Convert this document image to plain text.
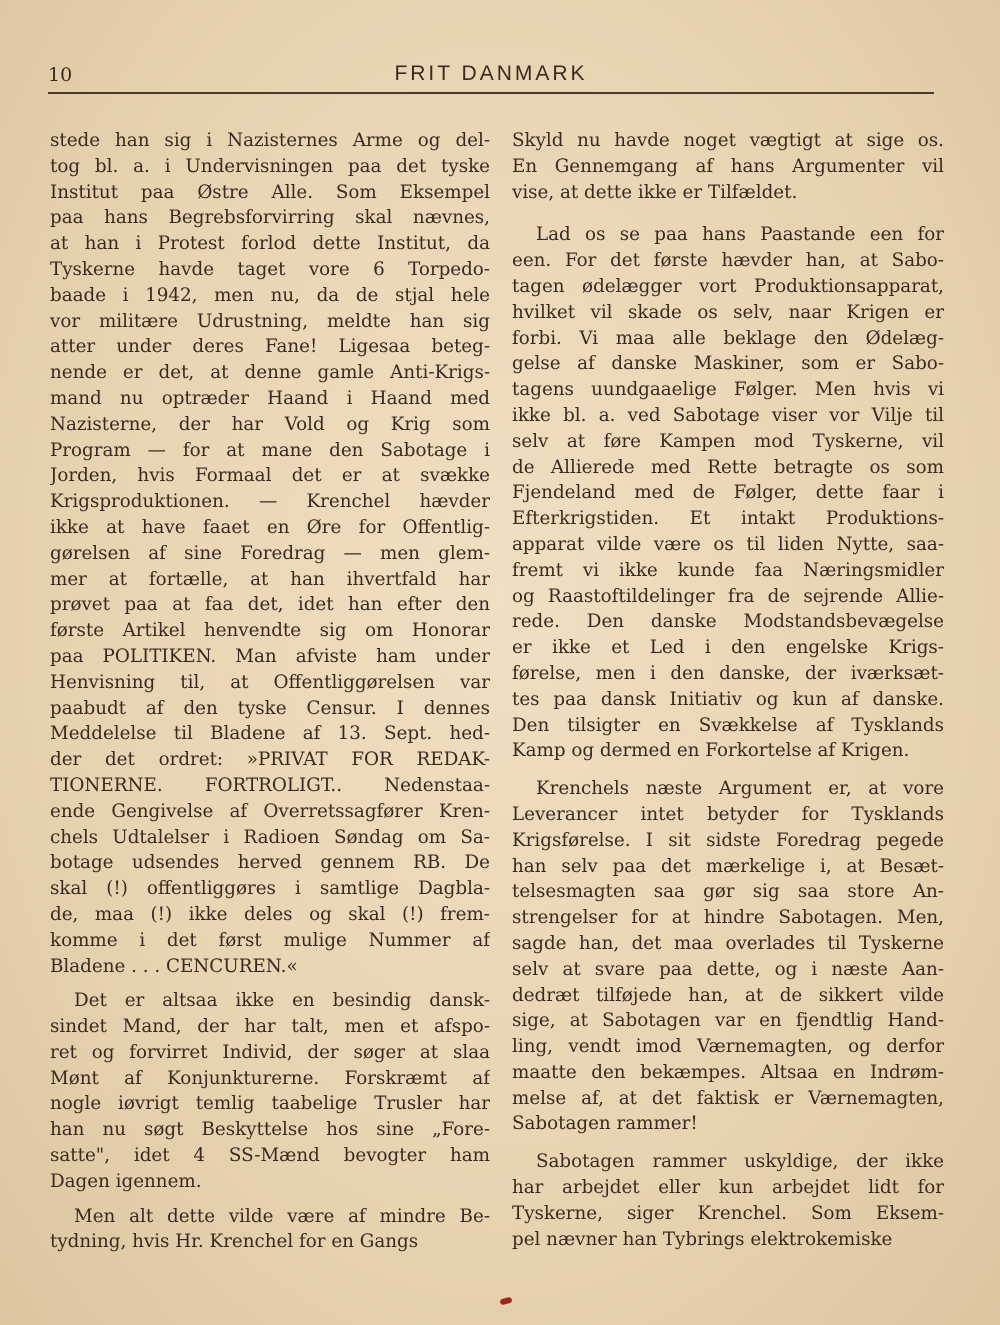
10	FRIT DANMARK
stede han sig i Nazisternes Arme og del-
tog bl. a. i Undervisningen paa det tyske
Institut paa Østre Alle. Som Eksempel
paa hans Begrebsforvirring skal nævnes,
at han i Protest forlod dette Institut, da
Tyskerne havde taget vore 6 Torpedo-
baade i 1942, men nu, da de stjal hele
vor militære Udrustning, meldte han sig
atter under deres Fane! Ligesaa beteg-
nende er det, at denne gamle Anti-Krigs-
mand nu optræder Haand i Haand med
Nazisterne, der har Vold og Krig som
Program — for at mane den Sabotage i
Jorden, hvis Formaal det er at svække
Krigsproduktionen. — Krenchel hævder
ikke at have faaet en Øre for Offentlig-
gørelsen af sine Foredrag — men glem-
mer at fortælle, at han ihvertfald har
prøvet paa at faa det, idet han efter den
første Artikel henvendte sig om Honorar
paa POLITIKEN. Man afviste ham under
Henvisning til, at Offentliggørelsen var
paabudt af den tyske Censur. I dennes
Meddelelse til Bladene af 13. Sept. hed-
der det ordret: »PRIVAT FOR REDAK-
TIONERNE. FORTROLIGT.. Nedenstaa-
ende Gengivelse af Overretssagfører Kren-
chels Udtalelser i Radioen Søndag om Sa-
botage udsendes herved gennem RB. De
skal (!) offentliggøres i samtlige Dagbla-
de, maa (!) ikke deles og skal (!) frem-
komme i det først mulige Nummer af
Bladene . . . CENCUREN.«
Det er altsaa ikke en besindig dansk-
sindet Mand, der har talt, men et afspo-
ret og forvirret Individ, der søger at slaa
Mønt af Konjunkturerne. Forskræmt af
nogle iøvrigt temlig taabelige Trusler har
han nu søgt Beskyttelse hos sine „Fore-
satte", idet 4 SS-Mænd bevogter ham
Dagen igennem.
Men alt dette vilde være af mindre Be-
tydning, hvis Hr. Krenchel for en Gangs
Skyld nu havde noget vægtigt at sige os.
En Gennemgang af hans Argumenter vil
vise, at dette ikke er Tilfældet.
Lad os se paa hans Paastande een for
een. For det første hævder han, at Sabo-
tagen ødelægger vort Produktionsapparat,
hvilket vil skade os selv, naar Krigen er
forbi. Vi maa alle beklage den Ødelæg-
gelse af danske Maskiner, som er Sabo-
tagens uundgaaelige Følger. Men hvis vi
ikke bl. a. ved Sabotage viser vor Vilje til
selv at føre Kampen mod Tyskerne, vil
de Allierede med Rette betragte os som
Fjendeland med de Følger, dette faar i
Efterkrigstiden. Et intakt Produktions-
apparat vilde være os til liden Nytte, saa-
fremt vi ikke kunde faa Næringsmidler
og Raastoftildelinger fra de sejrende Allie-
rede. Den danske Modstandsbevægelse
er ikke et Led i den engelske Krigs-
førelse, men i den danske, der iværksæt-
tes paa dansk Initiativ og kun af danske.
Den tilsigter en Svækkelse af Tysklands
Kamp og dermed en Forkortelse af Krigen.
Krenchels næste Argument er, at vore
Leverancer intet betyder for Tysklands
Krigsførelse. I sit sidste Foredrag pegede
han selv paa det mærkelige i, at Besæt-
telsesmagten saa gør sig saa store An-
strengelser for at hindre Sabotagen. Men,
sagde han, det maa overlades til Tyskerne
selv at svare paa dette, og i næste Aan-
dedræt tilføjede han, at de sikkert vilde
sige, at Sabotagen var en fjendtlig Hand-
ling, vendt imod Værnemagten, og derfor
maatte den bekæmpes. Altsaa en Indrøm-
melse af, at det faktisk er Værnemagten,
Sabotagen rammer!
Sabotagen rammer uskyldige, der ikke
har arbejdet eller kun arbejdet lidt for
Tyskerne, siger Krenchel. Som Eksem-
pel nævner han Tybrings elektrokemiske
